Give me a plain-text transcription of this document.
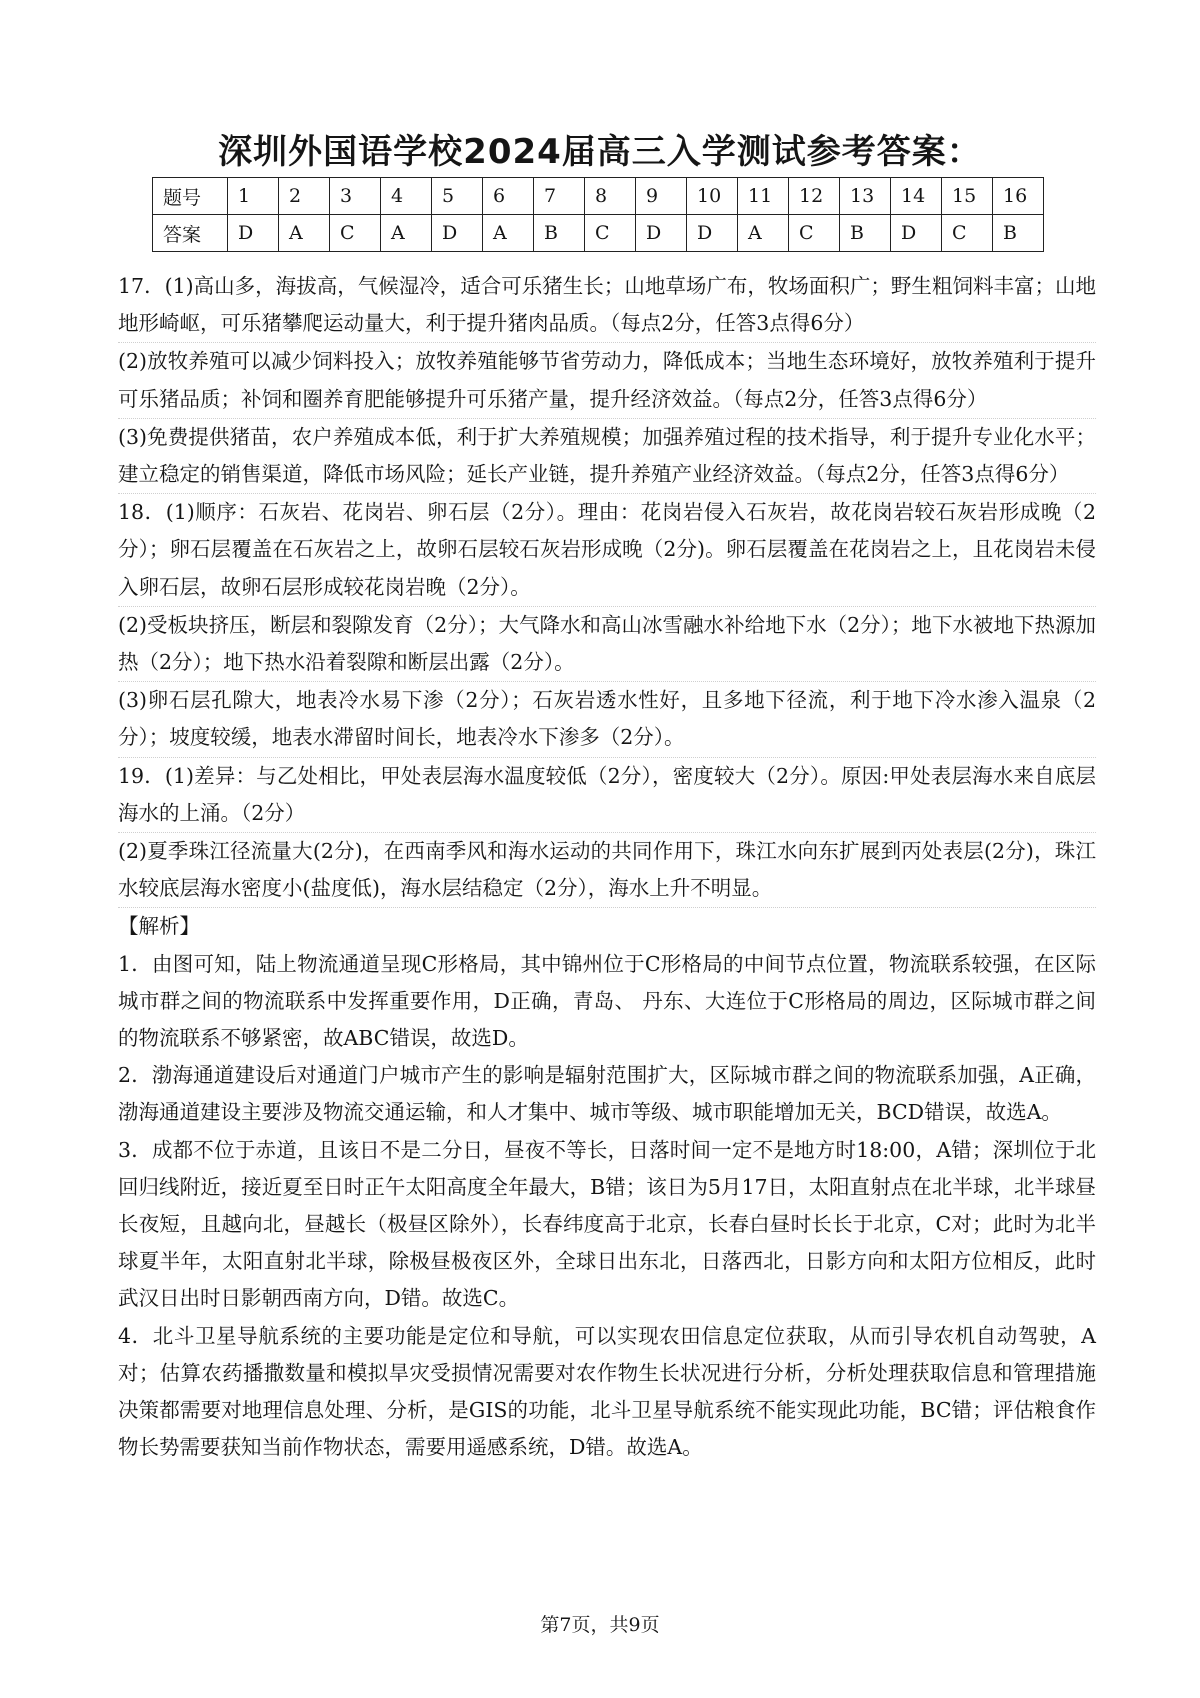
深圳外国语学校2024届高三入学测试参考答案：
题号	1	2	3	4	5	6	7	8	9	10	11	12	13	14	15	16
答案	D	A	C	A	D	A	B	C	D	D	A	C	B	D	C	B

17．(1)高山多，海拔高，气候湿冷，适合可乐猪生长；山地草场广布，牧场面积广；野生粗饲料丰富；山地地形崎岖，可乐猪攀爬运动量大，利于提升猪肉品质。（每点2分，任答3点得6分）

(2)放牧养殖可以减少饲料投入；放牧养殖能够节省劳动力，降低成本；当地生态环境好，放牧养殖利于提升可乐猪品质；补饲和圈养育肥能够提升可乐猪产量，提升经济效益。（每点2分，任答3点得6分）

(3)免费提供猪苗，农户养殖成本低，利于扩大养殖规模；加强养殖过程的技术指导，利于提升专业化水平；建立稳定的销售渠道，降低市场风险；延长产业链，提升养殖产业经济效益。（每点2分，任答3点得6分）

18．(1)顺序：石灰岩、花岗岩、卵石层（2分）。理由：花岗岩侵入石灰岩，故花岗岩较石灰岩形成晚（2分）；卵石层覆盖在石灰岩之上，故卵石层较石灰岩形成晚（2分)。卵石层覆盖在花岗岩之上，且花岗岩未侵入卵石层，故卵石层形成较花岗岩晚（2分）。

(2)受板块挤压，断层和裂隙发育（2分）；大气降水和高山冰雪融水补给地下水（2分）；地下水被地下热源加热（2分）；地下热水沿着裂隙和断层出露（2分）。

(3)卵石层孔隙大，地表冷水易下渗（2分）；石灰岩透水性好，且多地下径流，利于地下冷水渗入温泉（2分）；坡度较缓，地表水滞留时间长，地表冷水下渗多（2分）。

19．(1)差异：与乙处相比，甲处表层海水温度较低（2分），密度较大（2分）。原因:甲处表层海水来自底层海水的上涌。（2分）

(2)夏季珠江径流量大(2分)，在西南季风和海水运动的共同作用下，珠江水向东扩展到丙处表层(2分)，珠江水较底层海水密度小(盐度低)，海水层结稳定（2分），海水上升不明显。

【解析】

1．由图可知，陆上物流通道呈现C形格局，其中锦州位于C形格局的中间节点位置，物流联系较强，在区际城市群之间的物流联系中发挥重要作用，D正确，青岛、 丹东、大连位于C形格局的周边，区际城市群之间的物流联系不够紧密，故ABC错误，故选D。

2．渤海通道建设后对通道门户城市产生的影响是辐射范围扩大，区际城市群之间的物流联系加强，A正确，渤海通道建设主要涉及物流交通运输，和人才集中、城市等级、城市职能增加无关，BCD错误，故选A。

3．成都不位于赤道，且该日不是二分日，昼夜不等长，日落时间一定不是地方时18:00，A错；深圳位于北回归线附近，接近夏至日时正午太阳高度全年最大，B错；该日为5月17日，太阳直射点在北半球，北半球昼长夜短，且越向北，昼越长（极昼区除外），长春纬度高于北京，长春白昼时长长于北京，C对；此时为北半球夏半年，太阳直射北半球，除极昼极夜区外，全球日出东北，日落西北，日影方向和太阳方位相反，此时武汉日出时日影朝西南方向，D错。故选C。

4．北斗卫星导航系统的主要功能是定位和导航，可以实现农田信息定位获取，从而引导农机自动驾驶，A对；估算农药播撒数量和模拟旱灾受损情况需要对农作物生长状况进行分析，分析处理获取信息和管理措施决策都需要对地理信息处理、分析，是GIS的功能，北斗卫星导航系统不能实现此功能，BC错；评估粮食作物长势需要获知当前作物状态，需要用遥感系统，D错。故选A。

第7页，共9页
